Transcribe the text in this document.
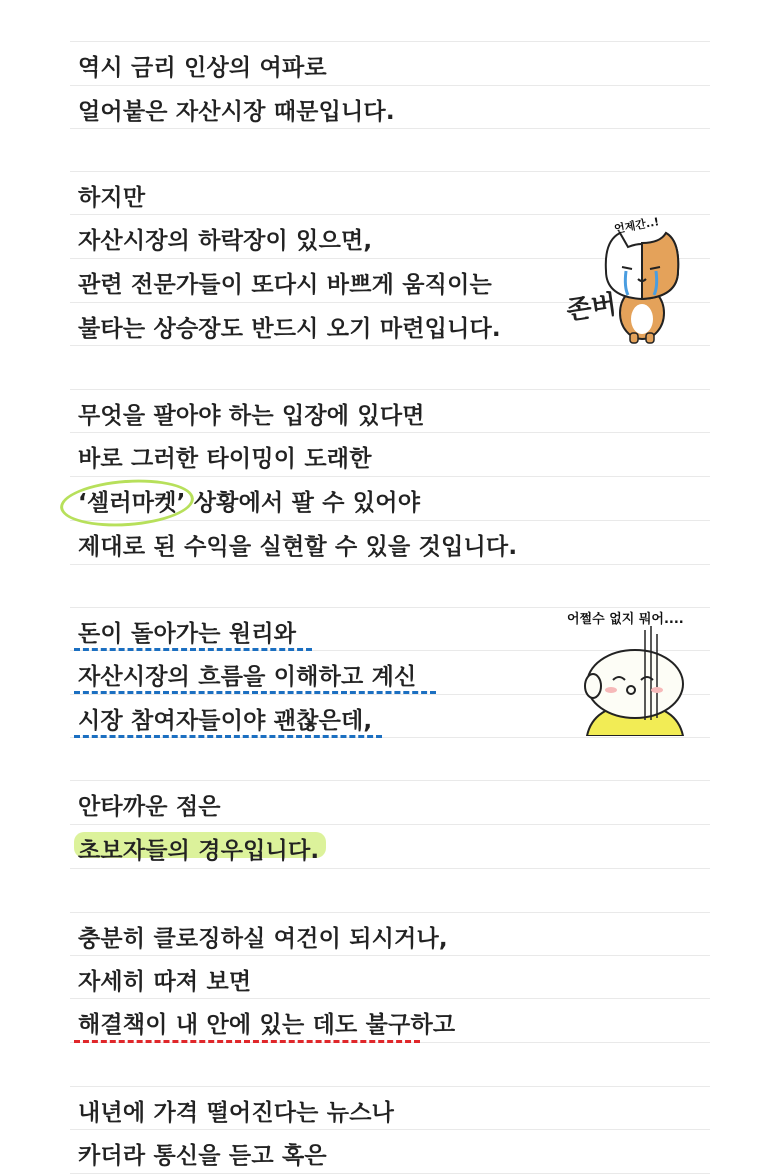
역시 금리 인상의 여파로
얼어붙은 자산시장 때문입니다.
하지만
자산시장의 하락장이 있으면,
관련 전문가들이 또다시 바쁘게 움직이는
불타는 상승장도 반드시 오기 마련입니다.
무엇을 팔아야 하는 입장에 있다면
바로 그러한 타이밍이 도래한
‘셀러마켓’ 상황에서 팔 수 있어야
제대로 된 수익을 실현할 수 있을 것입니다.
돈이 돌아가는 원리와
자산시장의 흐름을 이해하고 계신
시장 참여자들이야 괜찮은데,
안타까운 점은
초보자들의 경우입니다.
충분히 클로징하실 여건이 되시거나,
자세히 따져 보면
해결책이 내 안에 있는 데도 불구하고
내년에 가격 떨어진다는 뉴스나
카더라 통신을 듣고 혹은
언제간..!
존버
어쩔수 없지 뭐어....
